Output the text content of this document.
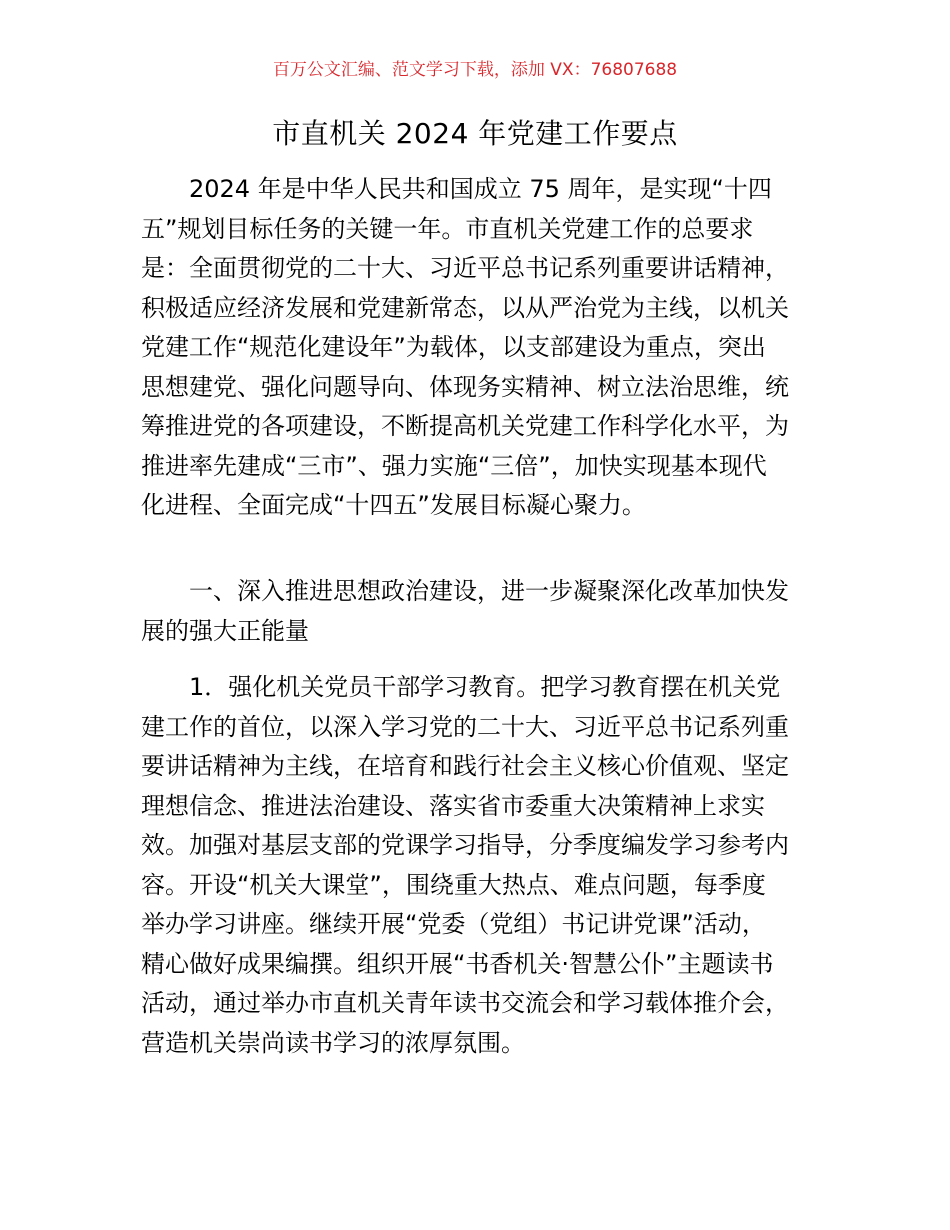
百万公文汇编、范文学习下载，添加 VX：76807688
市直机关 2024 年党建工作要点
2024 年是中华人民共和国成立 75 周年，是实现“十四
五”规划目标任务的关键一年。市直机关党建工作的总要求
是：全面贯彻党的二十大、习近平总书记系列重要讲话精神，
积极适应经济发展和党建新常态，以从严治党为主线，以机关
党建工作“规范化建设年”为载体，以支部建设为重点，突出
思想建党、强化问题导向、体现务实精神、树立法治思维，统
筹推进党的各项建设，不断提高机关党建工作科学化水平，为
推进率先建成“三市”、强力实施“三倍”，加快实现基本现代
化进程、全面完成“十四五”发展目标凝心聚力。
一、深入推进思想政治建设，进一步凝聚深化改革加快发
展的强大正能量
1．强化机关党员干部学习教育。把学习教育摆在机关党
建工作的首位，以深入学习党的二十大、习近平总书记系列重
要讲话精神为主线，在培育和践行社会主义核心价值观、坚定
理想信念、推进法治建设、落实省市委重大决策精神上求实
效。加强对基层支部的党课学习指导，分季度编发学习参考内
容。开设“机关大课堂”，围绕重大热点、难点问题，每季度
举办学习讲座。继续开展“党委（党组）书记讲党课”活动，
精心做好成果编撰。组织开展“书香机关·智慧公仆”主题读书
活动，通过举办市直机关青年读书交流会和学习载体推介会，
营造机关崇尚读书学习的浓厚氛围。
